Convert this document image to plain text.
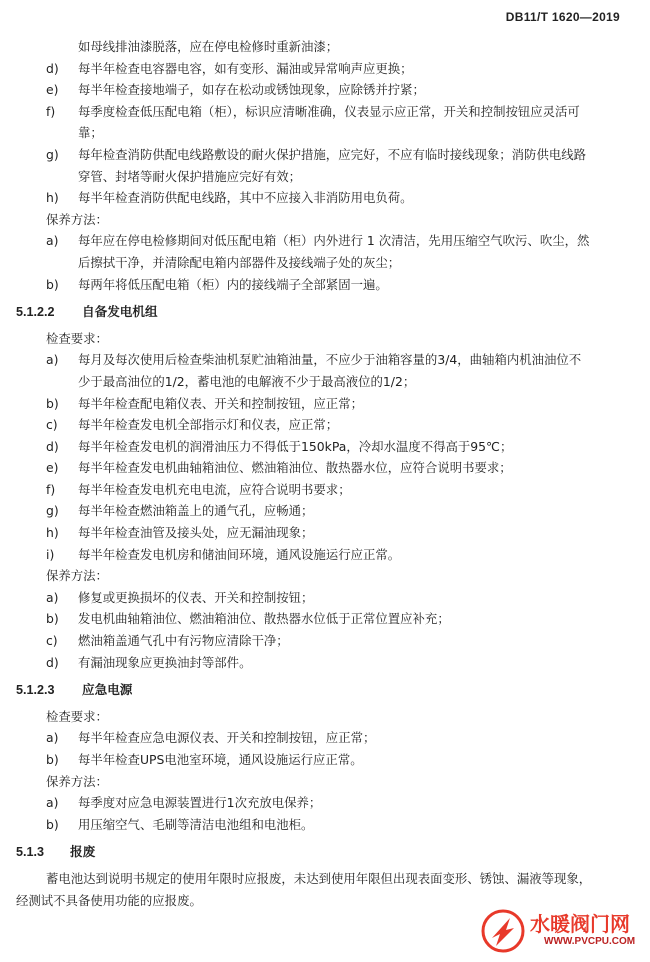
DB11/T 1620—2019

如母线排油漆脱落，应在停电检修时重新油漆；

d) 每半年检查电容器电容，如有变形、漏油或异常响声应更换；

e) 每半年检查接地端子，如存在松动或锈蚀现象，应除锈并拧紧；

f) 每季度检查低压配电箱（柜），标识应清晰准确，仪表显示应正常，开关和控制按钮应灵活可

靠；

g) 每年检查消防供配电线路敷设的耐火保护措施，应完好，不应有临时接线现象；消防供电线路

穿管、封堵等耐火保护措施应完好有效；

h) 每半年检查消防供配电线路，其中不应接入非消防用电负荷。

保养方法：

a) 每年应在停电检修期间对低压配电箱（柜）内外进行 1 次清洁，先用压缩空气吹污、吹尘，然

后擦拭干净，并清除配电箱内部器件及接线端子处的灰尘；

b) 每两年将低压配电箱（柜）内的接线端子全部紧固一遍。

5.1.2.2 自备发电机组

检查要求：

a) 每月及每次使用后检查柴油机泵贮油箱油量，不应少于油箱容量的3/4，曲轴箱内机油油位不

少于最高油位的1/2，蓄电池的电解液不少于最高液位的1/2；

b) 每半年检查配电箱仪表、开关和控制按钮，应正常；

c) 每半年检查发电机全部指示灯和仪表，应正常；

d) 每半年检查发电机的润滑油压力不得低于150kPa，冷却水温度不得高于95℃；

e) 每半年检查发电机曲轴箱油位、燃油箱油位、散热器水位，应符合说明书要求；

f) 每半年检查发电机充电电流，应符合说明书要求；

g) 每半年检查燃油箱盖上的通气孔，应畅通；

h) 每半年检查油管及接头处，应无漏油现象；

i) 每半年检查发电机房和储油间环境，通风设施运行应正常。

保养方法：

a) 修复或更换损坏的仪表、开关和控制按钮；

b) 发电机曲轴箱油位、燃油箱油位、散热器水位低于正常位置应补充；

c) 燃油箱盖通气孔中有污物应清除干净；

d) 有漏油现象应更换油封等部件。

5.1.2.3 应急电源

检查要求：

a) 每半年检查应急电源仪表、开关和控制按钮，应正常；

b) 每半年检查UPS电池室环境，通风设施运行应正常。

保养方法：

a) 每季度对应急电源装置进行1次充放电保养；

b) 用压缩空气、毛刷等清洁电池组和电池柜。

5.1.3 报废

蓄电池达到说明书规定的使用年限时应报废，未达到使用年限但出现表面变形、锈蚀、漏液等现象，

经测试不具备使用功能的应报废。

水暖阀门网
WWW.PVCPU.COM
